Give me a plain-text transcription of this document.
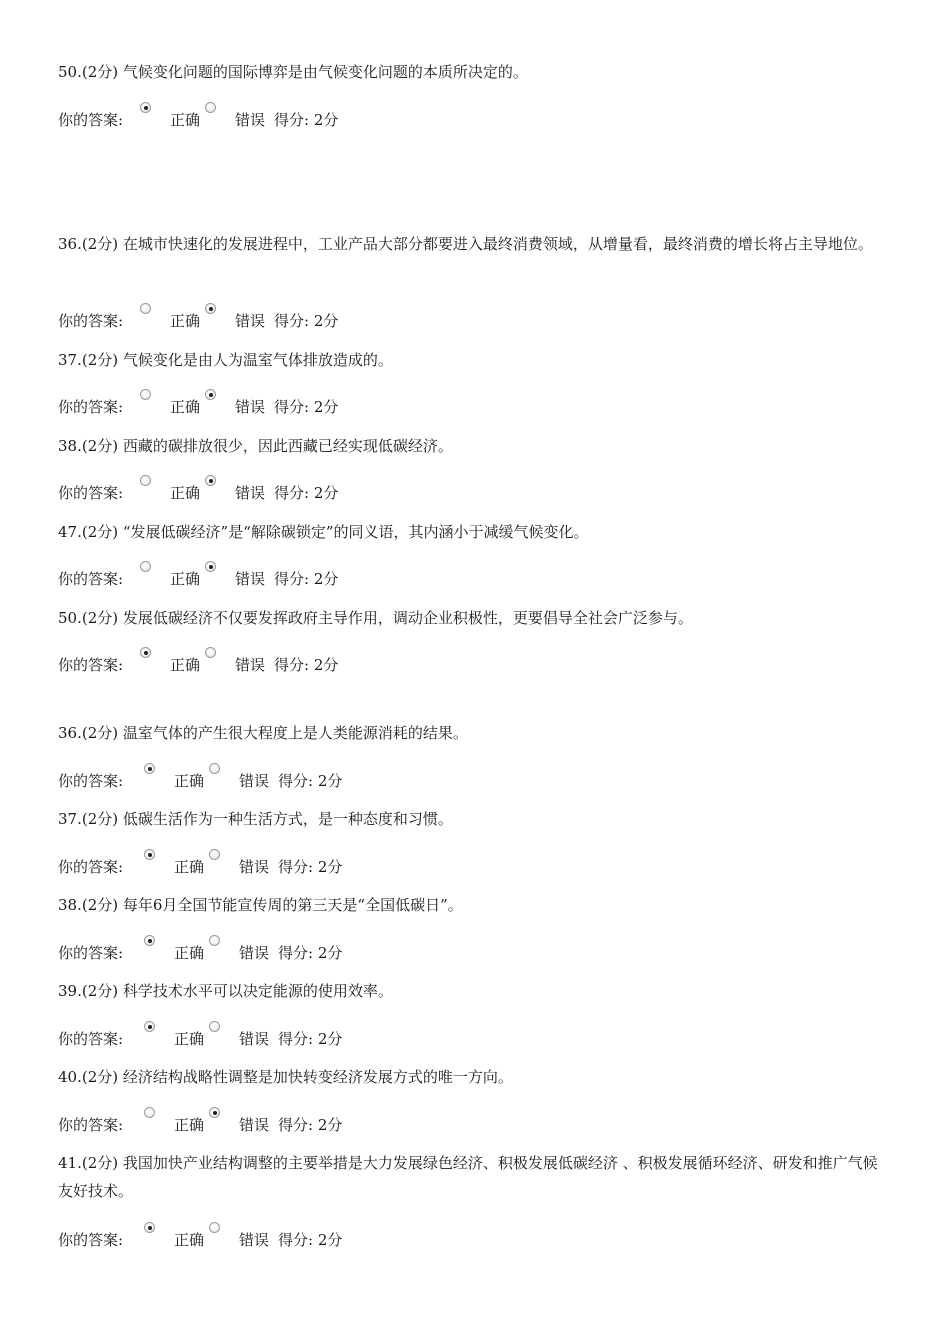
50.(2分) 气候变化问题的国际博弈是由气候变化问题的本质所决定的。

你的答案:	正确 错误 得分: 2分

36.(2分) 在城市快速化的发展进程中，工业产品大部分都要进入最终消费领域，从增量看，最终消费的增长将占主导地位。

你的答案:	正确 错误 得分: 2分

37.(2分) 气候变化是由人为温室气体排放造成的。

你的答案:	正确 错误 得分: 2分

38.(2分) 西藏的碳排放很少，因此西藏已经实现低碳经济。

你的答案:	正确 错误 得分: 2分

47.(2分) “发展低碳经济”是“解除碳锁定”的同义语，其内涵小于减缓气候变化。

你的答案:	正确 错误 得分: 2分

50.(2分) 发展低碳经济不仅要发挥政府主导作用，调动企业积极性，更要倡导全社会广泛参与。

你的答案:	正确 错误 得分: 2分

36.(2分) 温室气体的产生很大程度上是人类能源消耗的结果。

你的答案:	正确 错误 得分: 2分

37.(2分) 低碳生活作为一种生活方式，是一种态度和习惯。

你的答案:	正确 错误 得分: 2分

38.(2分) 每年6月全国节能宣传周的第三天是“全国低碳日”。

你的答案:	正确 错误 得分: 2分

39.(2分) 科学技术水平可以决定能源的使用效率。

你的答案:	正确 错误 得分: 2分

40.(2分) 经济结构战略性调整是加快转变经济发展方式的唯一方向。

你的答案:	正确 错误 得分: 2分

41.(2分) 我国加快产业结构调整的主要举措是大力发展绿色经济、积极发展低碳经济 、积极发展循环经济、研发和推广气候友好技术。

你的答案:	正确 错误 得分: 2分
